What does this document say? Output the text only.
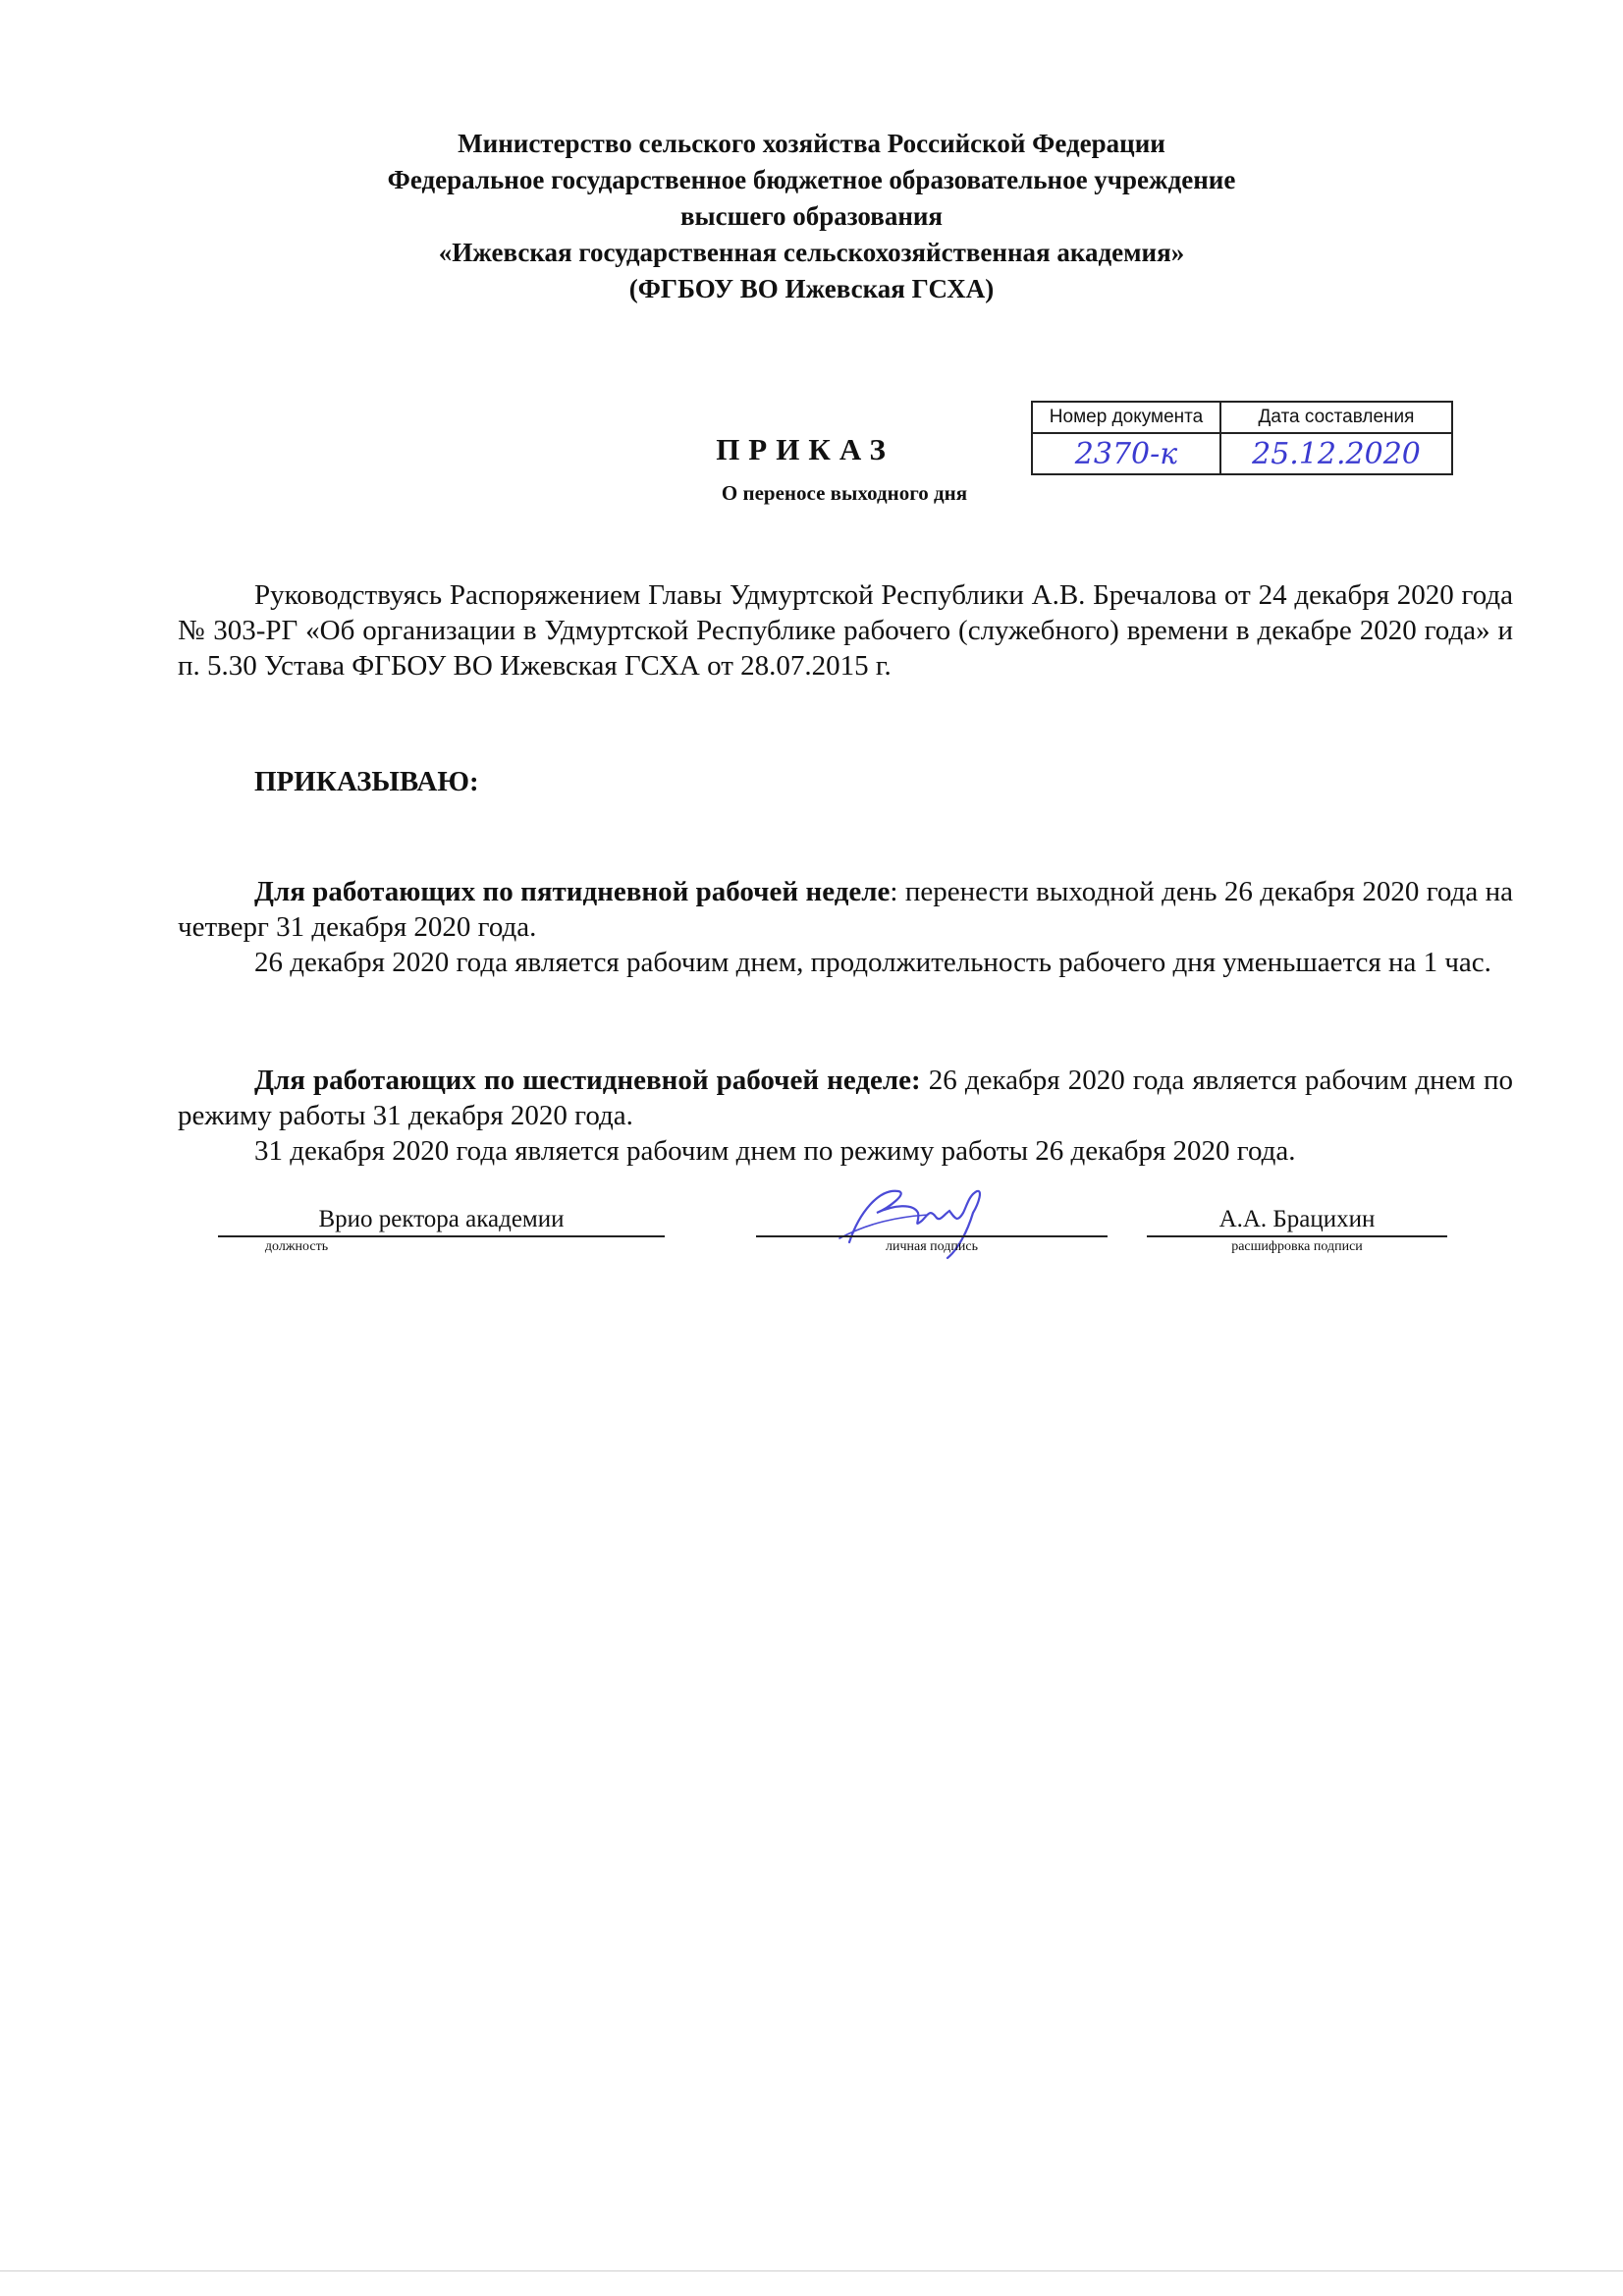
Министерство сельского хозяйства Российской Федерации
Федеральное государственное бюджетное образовательное учреждение
высшего образования
«Ижевская государственная сельскохозяйственная академия»
(ФГБОУ ВО Ижевская ГСХА)
Номер документа	Дата составления
2370-к	25.12.2020
ПРИКАЗ
О переносе выходного дня

Руководствуясь Распоряжением Главы Удмуртской Республики А.В. Бречалова от 24 декабря 2020 года № 303-РГ «Об организации в Удмуртской Республике рабочего (служебного) времени в декабре 2020 года» и п. 5.30 Устава ФГБОУ ВО Ижевская ГСХА от 28.07.2015 г.

ПРИКАЗЫВАЮ:

Для работающих по пятидневной рабочей неделе: перенести выходной день 26 декабря 2020 года на четверг 31 декабря 2020 года.

26 декабря 2020 года является рабочим днем, продолжительность рабочего дня уменьшается на 1 час.

Для работающих по шестидневной рабочей неделе: 26 декабря 2020 года является рабочим днем по режиму работы 31 декабря 2020 года.

31 декабря 2020 года является рабочим днем по режиму работы 26 декабря 2020 года.

Врио ректора академии
должность	личная подпись
А.А. Брацихин
расшифровка подписи
